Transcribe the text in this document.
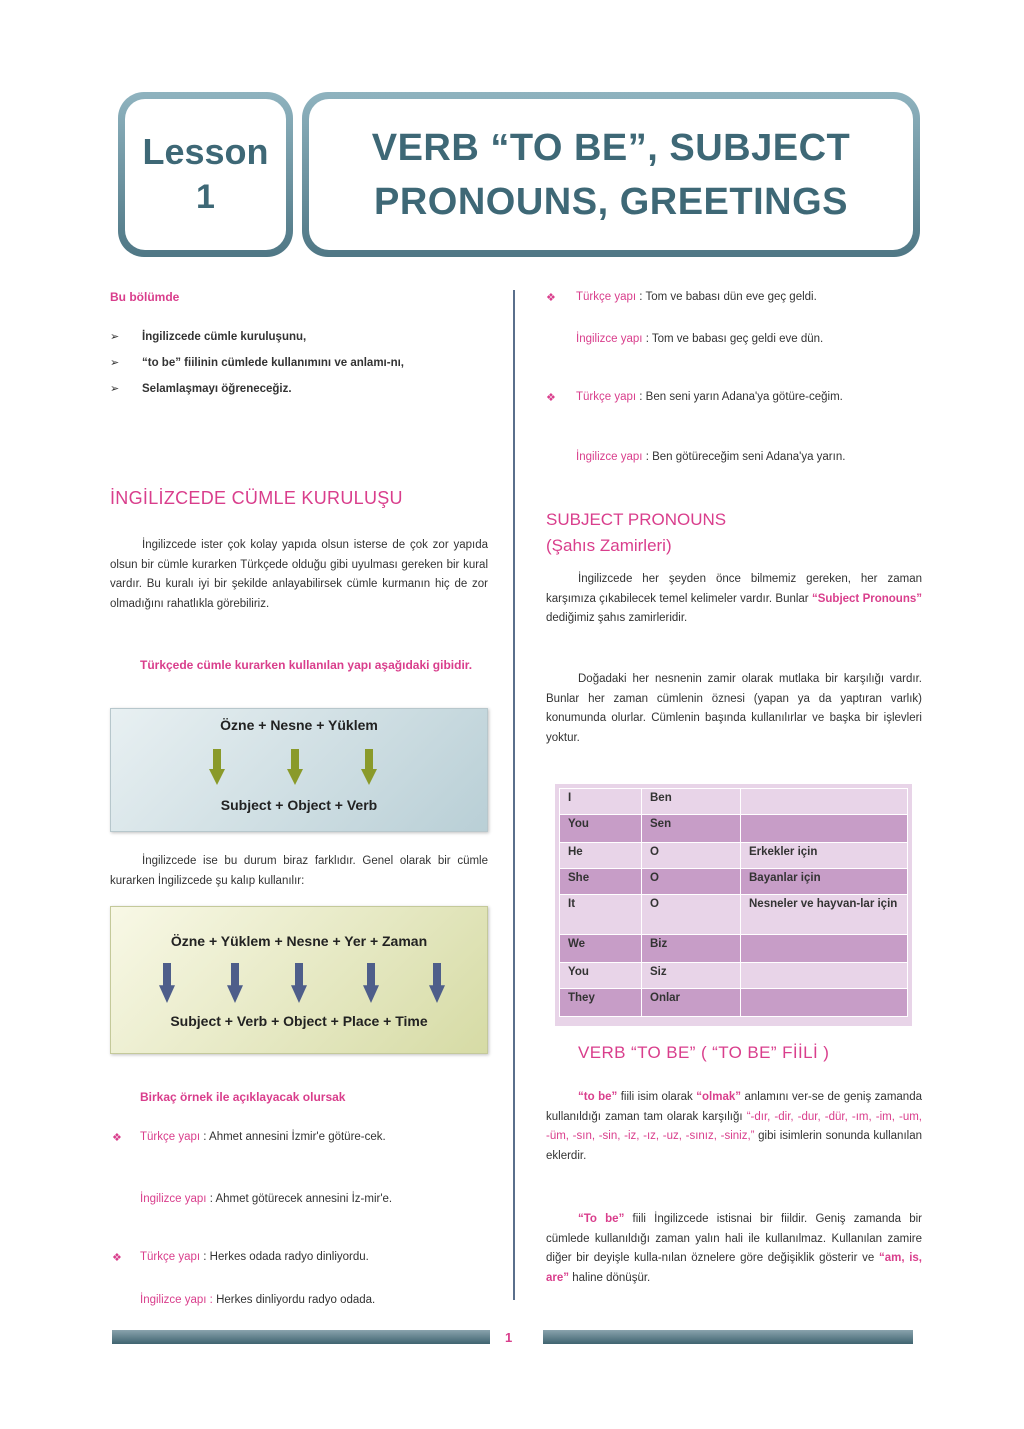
Lesson
1
VERB “TO BE”, SUBJECT
PRONOUNS, GREETINGS
Bu bölümde
➢ İngilizcede cümle kuruluşunu,
➢ “to be” fiilinin cümlede kullanımını ve anlamı-nı,
➢ Selamlaşmayı öğreneceğiz.
İNGİLİZCEDE CÜMLE KURULUŞU
İngilizcede ister çok kolay yapıda olsun isterse de çok zor yapıda olsun bir cümle kurarken Türkçede olduğu gibi uyulması gereken bir kural vardır. Bu kuralı iyi bir şekilde anlayabilirsek cümle kurmanın hiç de zor olmadığını rahatlıkla görebiliriz.
Türkçede cümle kurarken kullanılan yapı aşağıdaki gibidir.
Özne + Nesne + Yüklem
Subject + Object + Verb
İngilizcede ise bu durum biraz farklıdır. Genel olarak bir cümle kurarken İngilizcede şu kalıp kullanılır:
Özne + Yüklem + Nesne + Yer + Zaman
Subject + Verb + Object + Place + Time
Birkaç örnek ile açıklayacak olursak
❖ Türkçe yapı : Ahmet annesini İzmir'e götüre-cek.
İngilizce yapı : Ahmet götürecek annesini İz-mir'e.
❖ Türkçe yapı : Herkes odada radyo dinliyordu.
İngilizce yapı : Herkes dinliyordu radyo odada.
❖ Türkçe yapı : Tom ve babası dün eve geç geldi.
İngilizce yapı : Tom ve babası geç geldi eve dün.
❖ Türkçe yapı : Ben seni yarın Adana'ya götüre-ceğim.
İngilizce yapı : Ben götüreceğim seni Adana'ya yarın.
SUBJECT PRONOUNS
(Şahıs Zamirleri)
İngilizcede her şeyden önce bilmemiz gereken, her zaman karşımıza çıkabilecek temel kelimeler vardır. Bunlar “Subject Pronouns” dediğimiz şahıs zamirleridir.
Doğadaki her nesnenin zamir olarak mutlaka bir karşılığı vardır. Bunlar her zaman cümlenin öznesi (yapan ya da yaptıran varlık) konumunda olurlar. Cümlenin başında kullanılırlar ve başka bir işlevleri yoktur.
I	Ben	
You	Sen	
He	O	Erkekler için
She	O	Bayanlar için
It	O	Nesneler ve hayvan-lar için
We	Biz	
You	Siz	
They	Onlar	
VERB “TO BE” ( “TO BE” FİİLİ )
“to be” fiili isim olarak “olmak” anlamını ver-se de geniş zamanda kullanıldığı zaman tam olarak karşılığı “-dır, -dir, -dur, -dür, -ım, -im, -um, -üm, -sın, -sin, -iz, -ız, -uz, -sınız, -siniz,” gibi isimlerin sonunda kullanılan eklerdir.
“To be” fiili İngilizcede istisnai bir fiildir. Geniş zamanda bir cümlede kullanıldığı zaman yalın hali ile kullanılmaz. Kullanılan zamire diğer bir deyişle kulla-nılan öznelere göre değişiklik gösterir ve “am, is, are” haline dönüşür.
1
